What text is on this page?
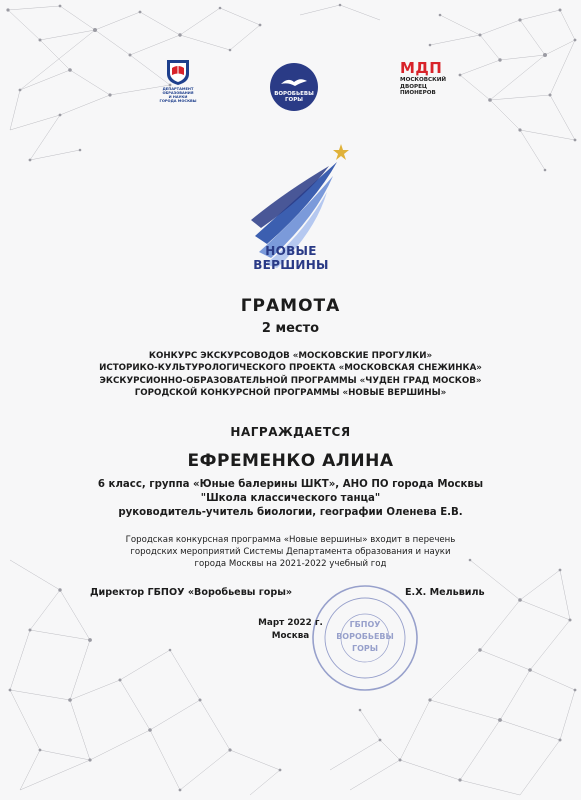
ДЕПАРТАМЕНТ
ОБРАЗОВАНИЯ
И НАУКИ
ГОРОДА МОСКВЫ
ВОРОБЬЕВЫ
ГОРЫ
МДП
МОСКОВСКИЙ
ДВОРЕЦ
ПИОНЕРОВ
НОВЫЕ
ВЕРШИНЫ
ГРАМОТА
2 место
КОНКУРС ЭКСКУРСОВОДОВ «МОСКОВСКИЕ ПРОГУЛКИ»
ИСТОРИКО-КУЛЬТУРОЛОГИЧЕСКОГО ПРОЕКТА «МОСКОВСКАЯ СНЕЖИНКА»
ЭКСКУРСИОННО-ОБРАЗОВАТЕЛЬНОЙ ПРОГРАММЫ «ЧУДЕН ГРАД МОСКОВ»
ГОРОДСКОЙ КОНКУРСНОЙ ПРОГРАММЫ «НОВЫЕ ВЕРШИНЫ»
НАГРАЖДАЕТСЯ
ЕФРЕМЕНКО АЛИНА
6 класс, группа «Юные балерины ШКТ», АНО ПО города Москвы
"Школа классического танца"
руководитель-учитель биологии, географии Оленева Е.В.
Городская конкурсная программа «Новые вершины» входит в перечень
городских мероприятий Системы Департамента образования и науки
города Москвы на 2021-2022 учебный год
ГБПОУ
ВОРОБЬЕВЫ
ГОРЫ
Директор ГБПОУ «Воробьевы горы»	Е.Х. Мельвиль
Март 2022 г.
Москва
